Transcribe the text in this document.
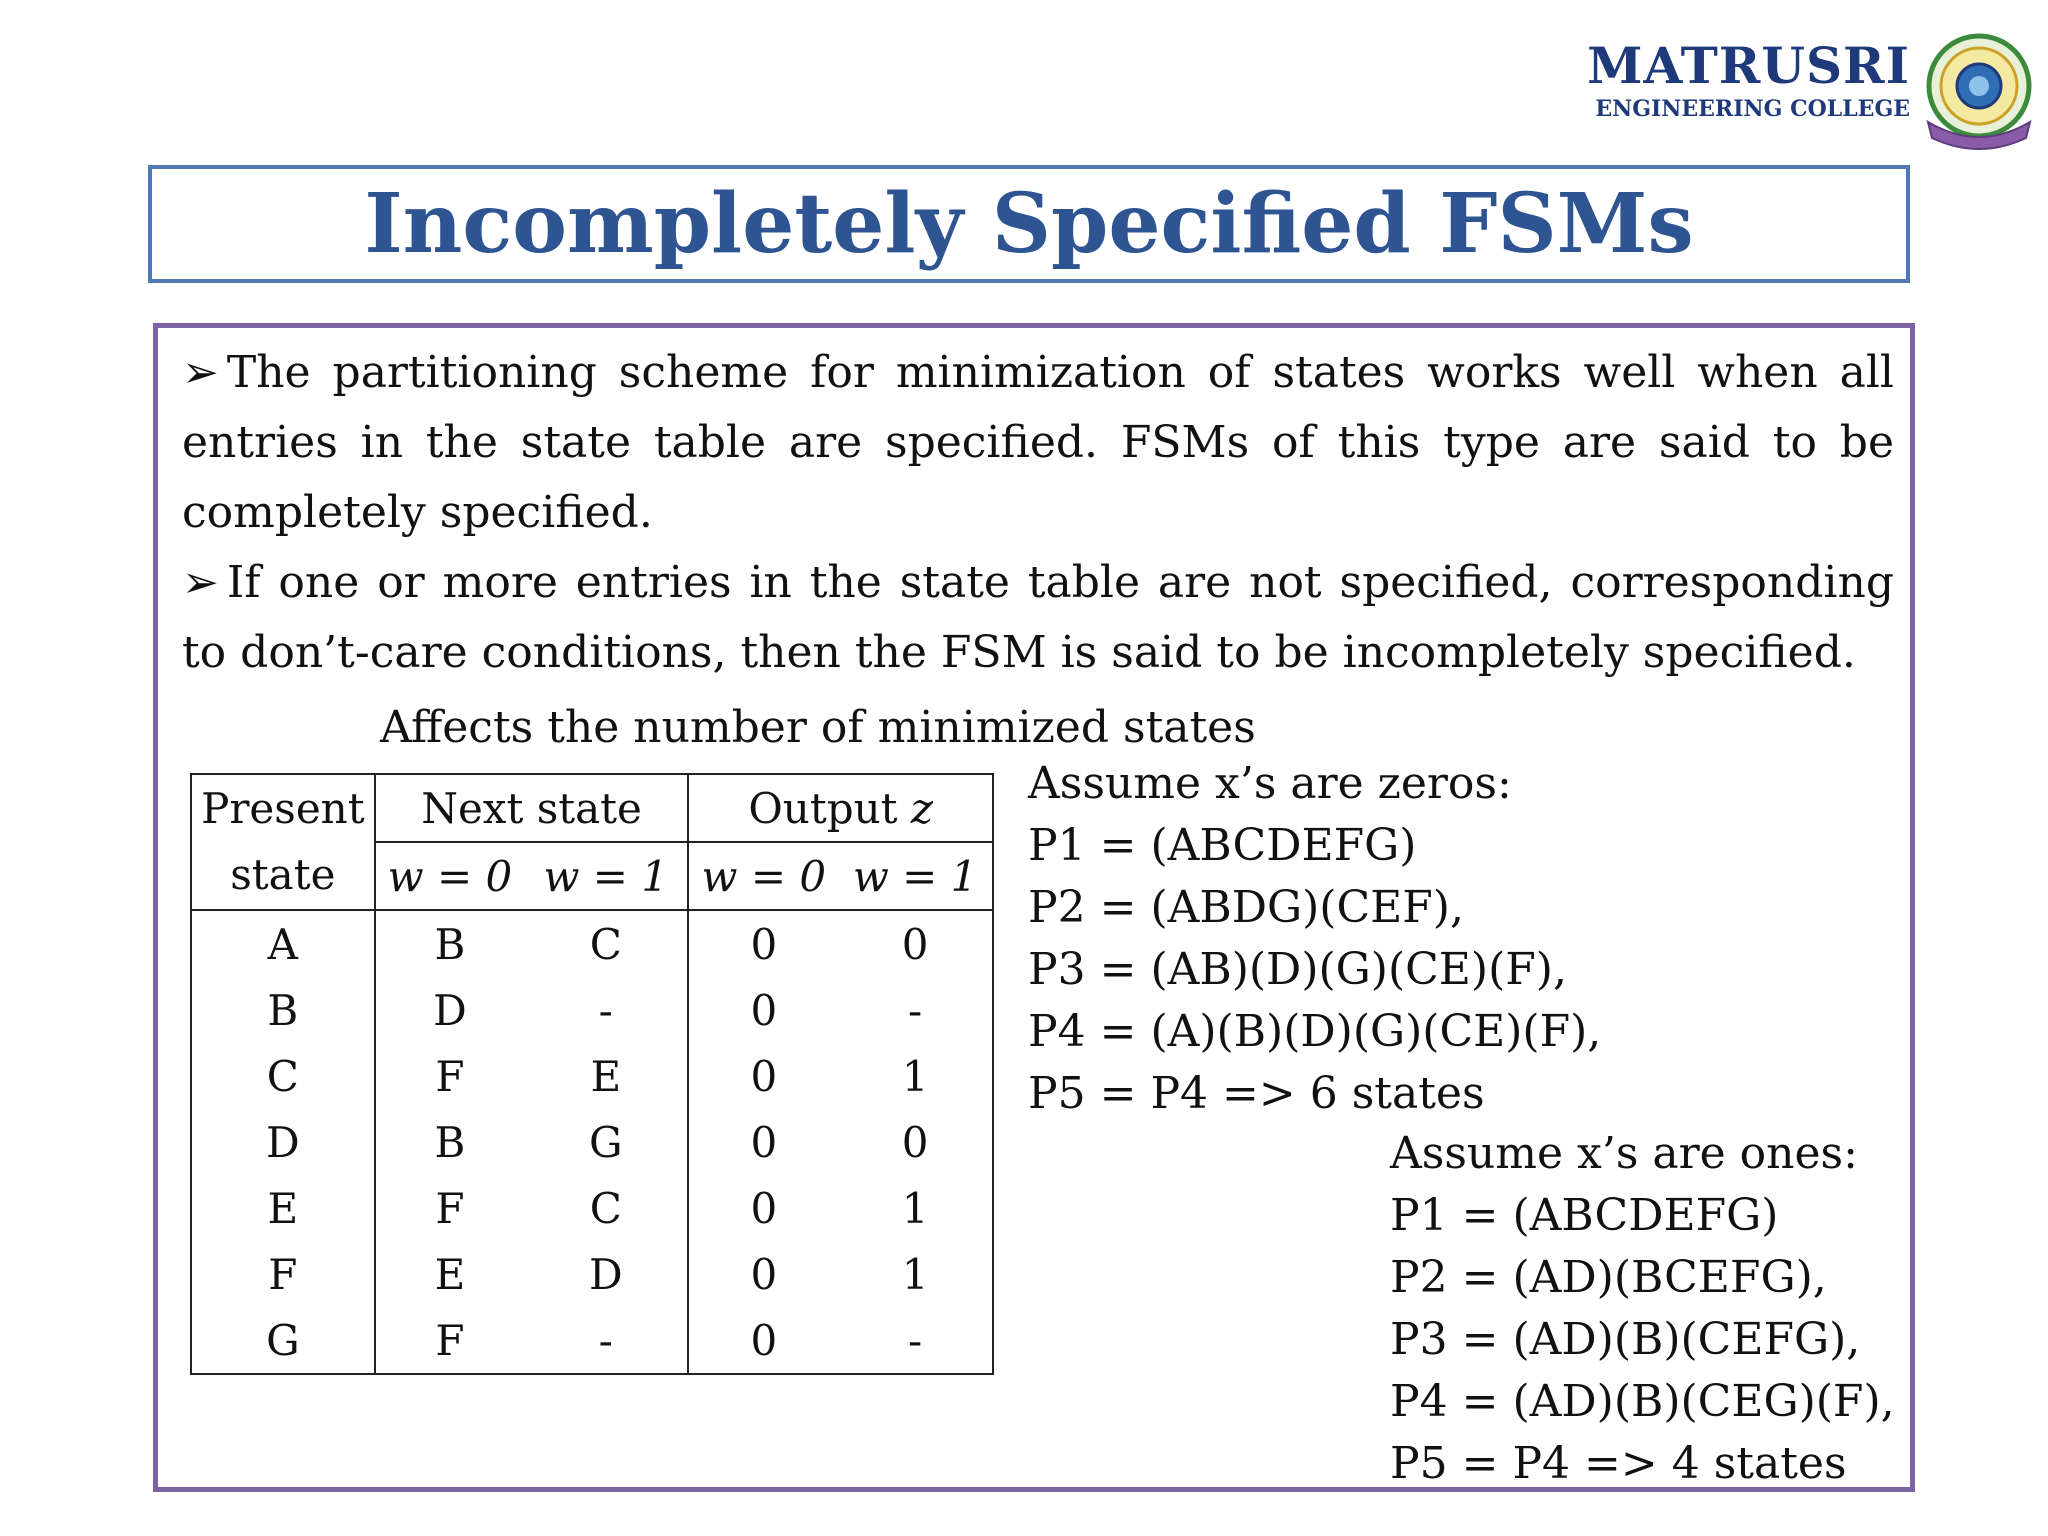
MATRUSRI
ENGINEERING COLLEGE
Incompletely Specified FSMs

➢ The partitioning scheme for minimization of states works well when all entries in the state table are specified. FSMs of this type are said to be completely specified.

➢ If one or more entries in the state table are not specified, corresponding to don’t-care conditions, then the FSM is said to be incompletely specified.

Affects the number of minimized states
Present
state	Next state		Output z	
	w = 0	w = 1	w = 0	w = 1
A	B	C	0	0
B	D	-	0	-
C	F	E	0	1
D	B	G	0	0
E	F	C	0	1
F	E	D	0	1
G	F	-	0	-
Assume x’s are zeros:
P1 = (ABCDEFG)
P2 = (ABDG)(CEF),
P3 = (AB)(D)(G)(CE)(F),
P4 = (A)(B)(D)(G)(CE)(F),
P5 = P4 => 6 states
Assume x’s are ones:
P1 = (ABCDEFG)
P2 = (AD)(BCEFG),
P3 = (AD)(B)(CEFG),
P4 = (AD)(B)(CEG)(F),
P5 = P4 => 4 states
